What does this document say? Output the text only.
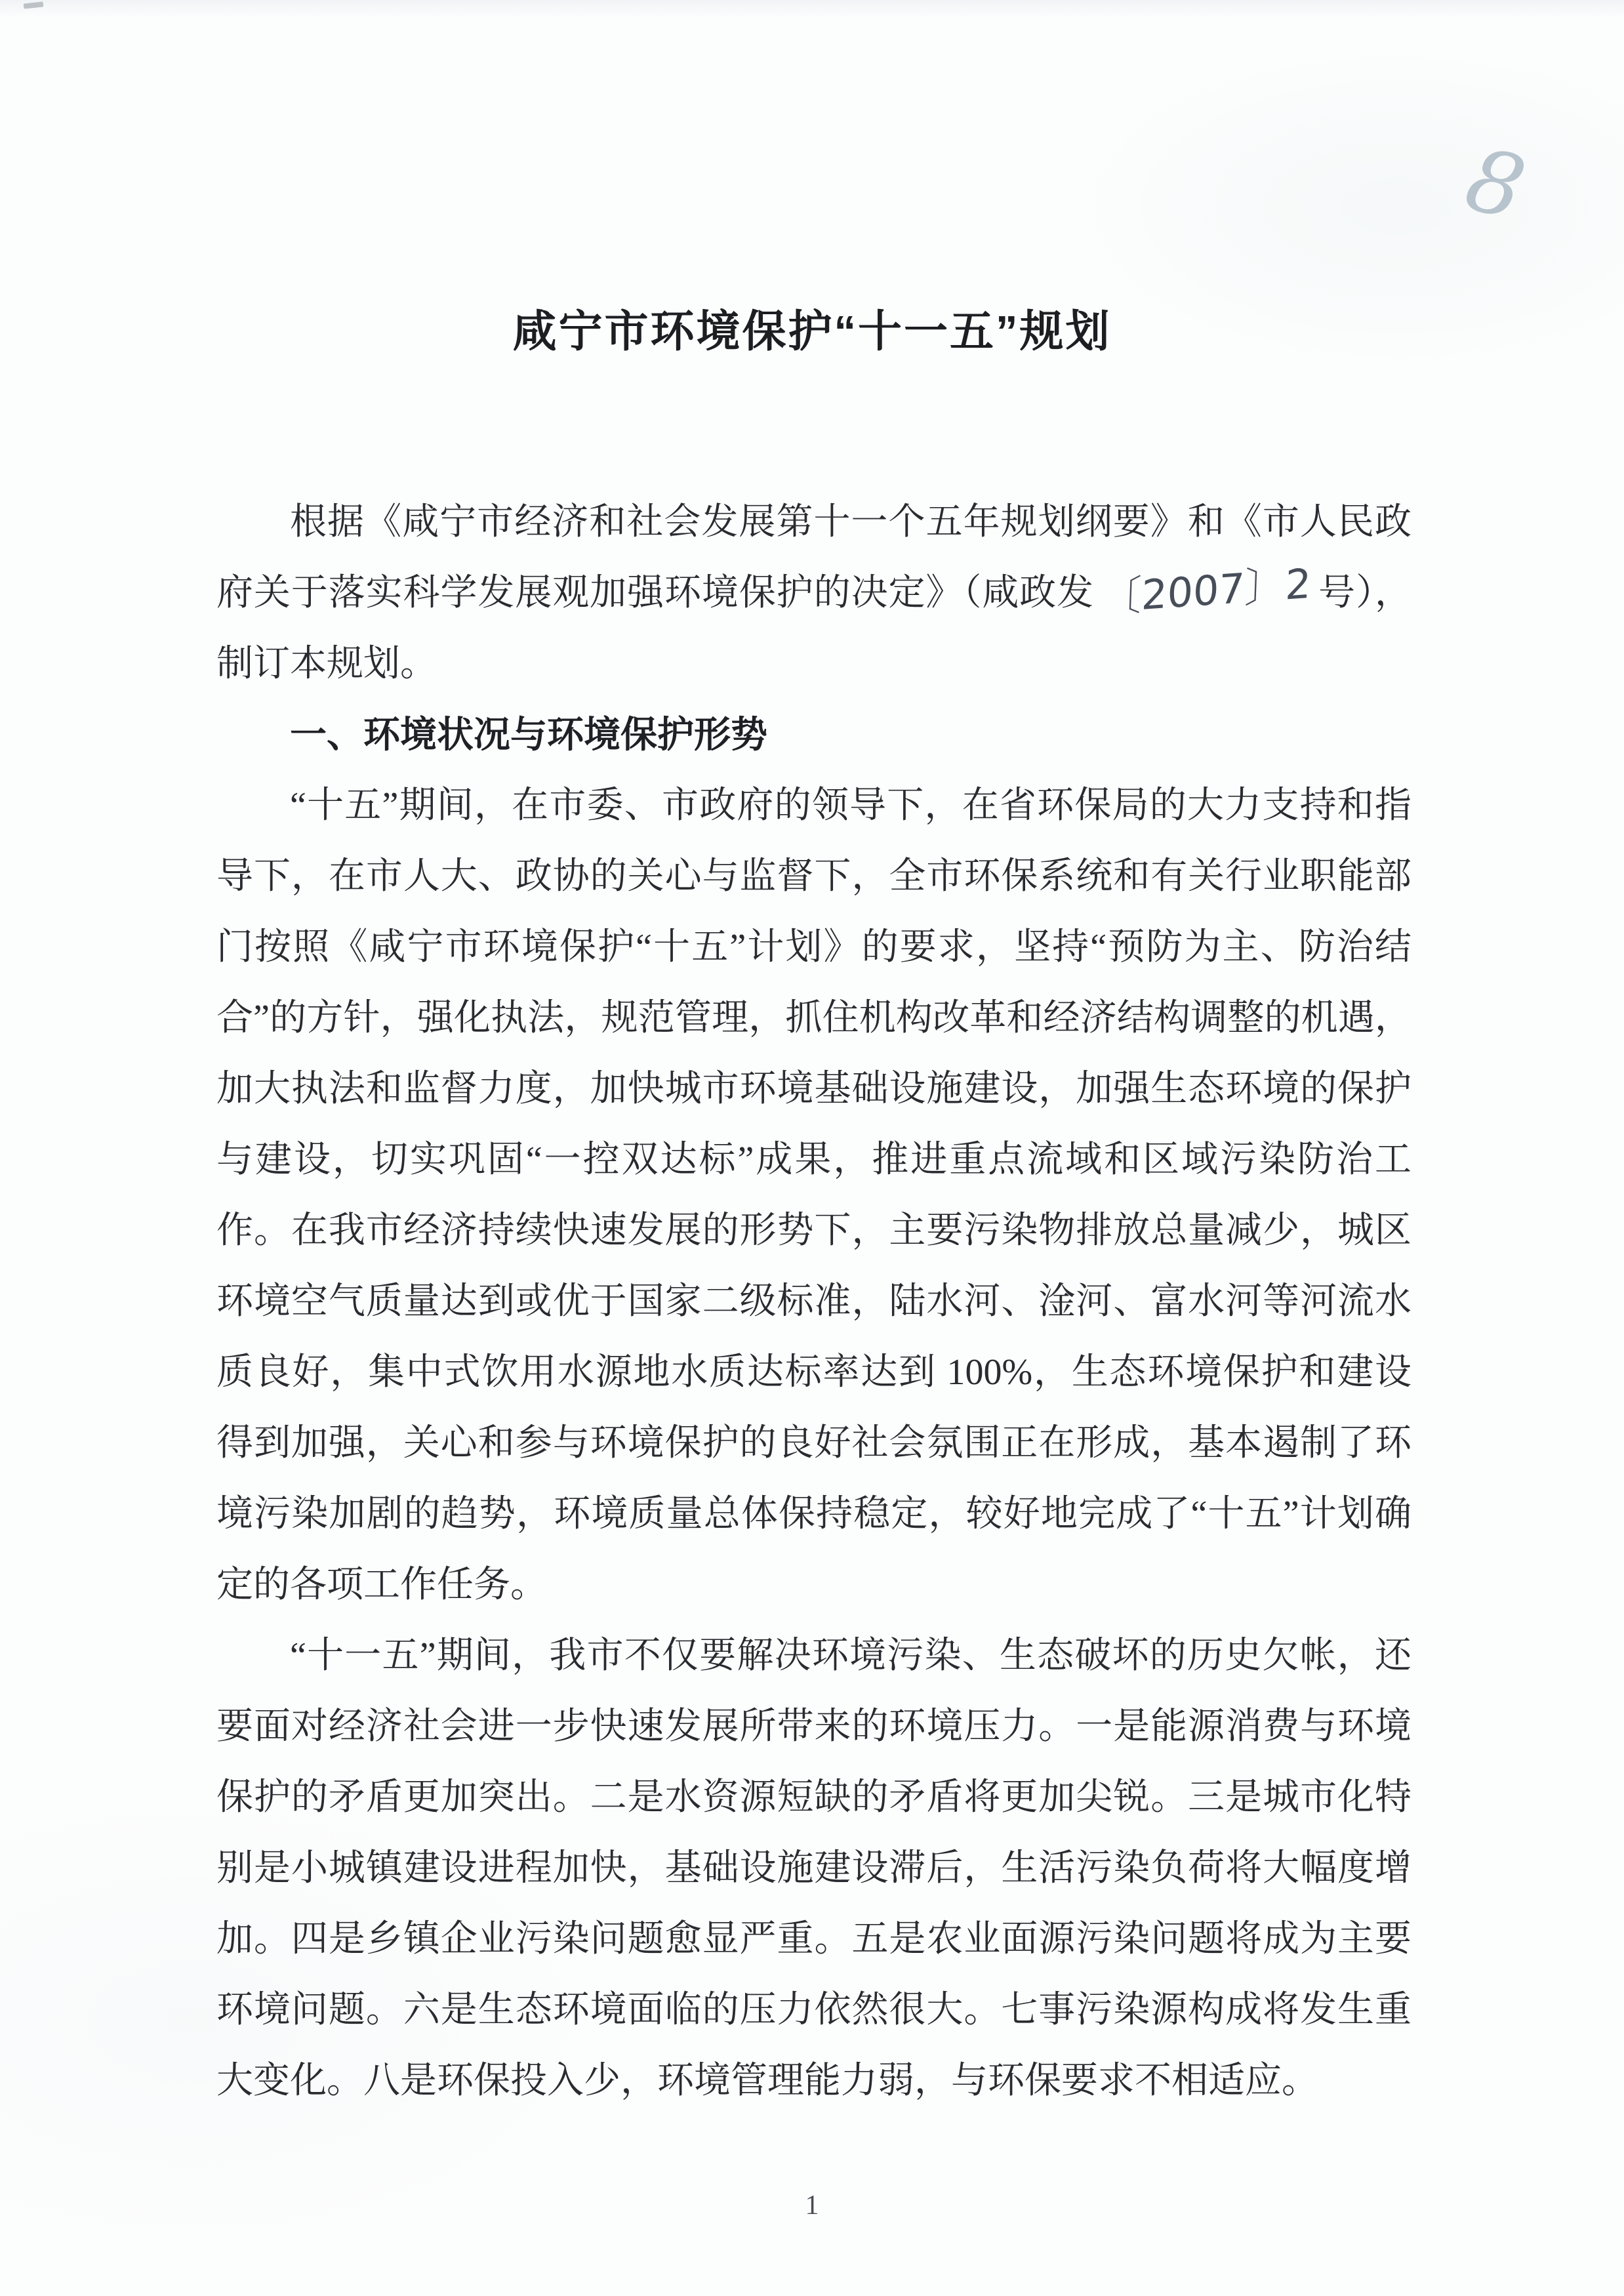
8
咸宁市环境保护“十一五”规划

根据《咸宁市经济和社会发展第十一个五年规划纲要》和《市人民政府关于落实科学发展观加强环境保护的决定》（咸政发 〔2007〕2 号），制订本规划。

一、环境状况与环境保护形势

“十五”期间，在市委、市政府的领导下，在省环保局的大力支持和指导下，在市人大、政协的关心与监督下，全市环保系统和有关行业职能部门按照《咸宁市环境保护“十五”计划》的要求，坚持“预防为主、防治结合”的方针，强化执法，规范管理，抓住机构改革和经济结构调整的机遇，加大执法和监督力度，加快城市环境基础设施建设，加强生态环境的保护与建设，切实巩固“一控双达标”成果，推进重点流域和区域污染防治工作。在我市经济持续快速发展的形势下，主要污染物排放总量减少，城区环境空气质量达到或优于国家二级标准，陆水河、淦河、富水河等河流水质良好，集中式饮用水源地水质达标率达到 100%，生态环境保护和建设得到加强，关心和参与环境保护的良好社会氛围正在形成，基本遏制了环境污染加剧的趋势，环境质量总体保持稳定，较好地完成了“十五”计划确定的各项工作任务。

“十一五”期间，我市不仅要解决环境污染、生态破坏的历史欠帐，还要面对经济社会进一步快速发展所带来的环境压力。一是能源消费与环境保护的矛盾更加突出。二是水资源短缺的矛盾将更加尖锐。三是城市化特别是小城镇建设进程加快，基础设施建设滞后，生活污染负荷将大幅度增加。四是乡镇企业污染问题愈显严重。五是农业面源污染问题将成为主要环境问题。六是生态环境面临的压力依然很大。七事污染源构成将发生重大变化。八是环保投入少，环境管理能力弱，与环保要求不相适应。

1
